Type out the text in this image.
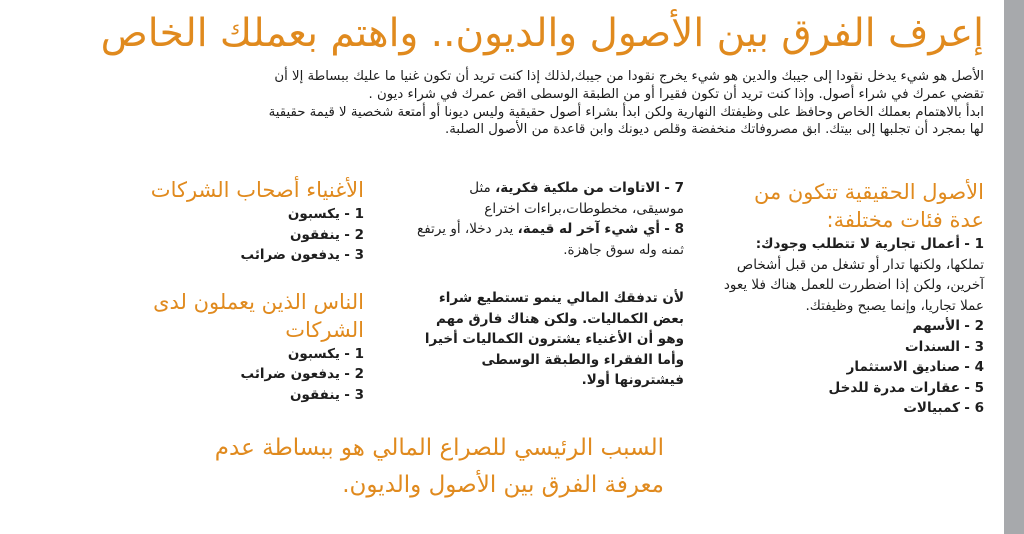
إعرف الفرق بين الأصول والديون.. واهتم بعملك الخاص

الأصل هو شيء يدخل نقودا إلى جيبك والدين هو شيء يخرج نقودا من جيبك,لذلك إذا كنت تريد أن تكون غنيا ما عليك ببساطة إلا أن

تقضي عمرك في شراء أصول. وإذا كنت تريد أن تكون فقيرا أو من الطبقة الوسطى اقض عمرك في شراء ديون .

ابدأ بالاهتمام بعملك الخاص وحافظ على وظيفتك النهارية ولكن ابدأ بشراء أصول حقيقية وليس ديونا أو أمتعة شخصية لا قيمة حقيقية

لها بمجرد أن تجلبها إلى بيتك. ابق مصروفاتك منخفضة وقلص ديونك وابن قاعدة من الأصول الصلبة.

الأصول الحقيقية تتكون من عدة فئات مختلفة:
1 - أعمال تجارية لا تتطلب وجودك: تملكها، ولكنها تدار أو تشغل من قبل أشخاص آخرين، ولكن إذا اضطررت للعمل هناك فلا يعود عملا تجاريا، وإنما يصبح وظيفتك.
2 - الأسهم
3 - السندات
4 - صناديق الاستثمار
5 - عقارات مدرة للدخل
6 - كمبيالات
7 - الاتاوات من ملكية فكرية، مثل موسيقى، مخطوطات،براءات اختراع
8 - أي شيء آخر له قيمة، يدر دخلا، أو يرتفع ثمنه وله سوق جاهزة.

لأن تدفقك المالي ينمو تستطيع شراء بعض الكماليات. ولكن هناك فارق مهم وهو أن الأغنياء يشترون الكماليات أخيرا وأما الفقراء والطبقة الوسطى فيشترونها أولا.

الأغنياء أصحاب الشركات
1 - يكسبون
2 - ينفقون
3 - يدفعون ضرائب
الناس الذين يعملون لدى الشركات
1 - يكسبون
2 - يدفعون ضرائب
3 - ينفقون

السبب الرئيسي للصراع المالي هو ببساطة عدم

معرفة الفرق بين الأصول والديون.
